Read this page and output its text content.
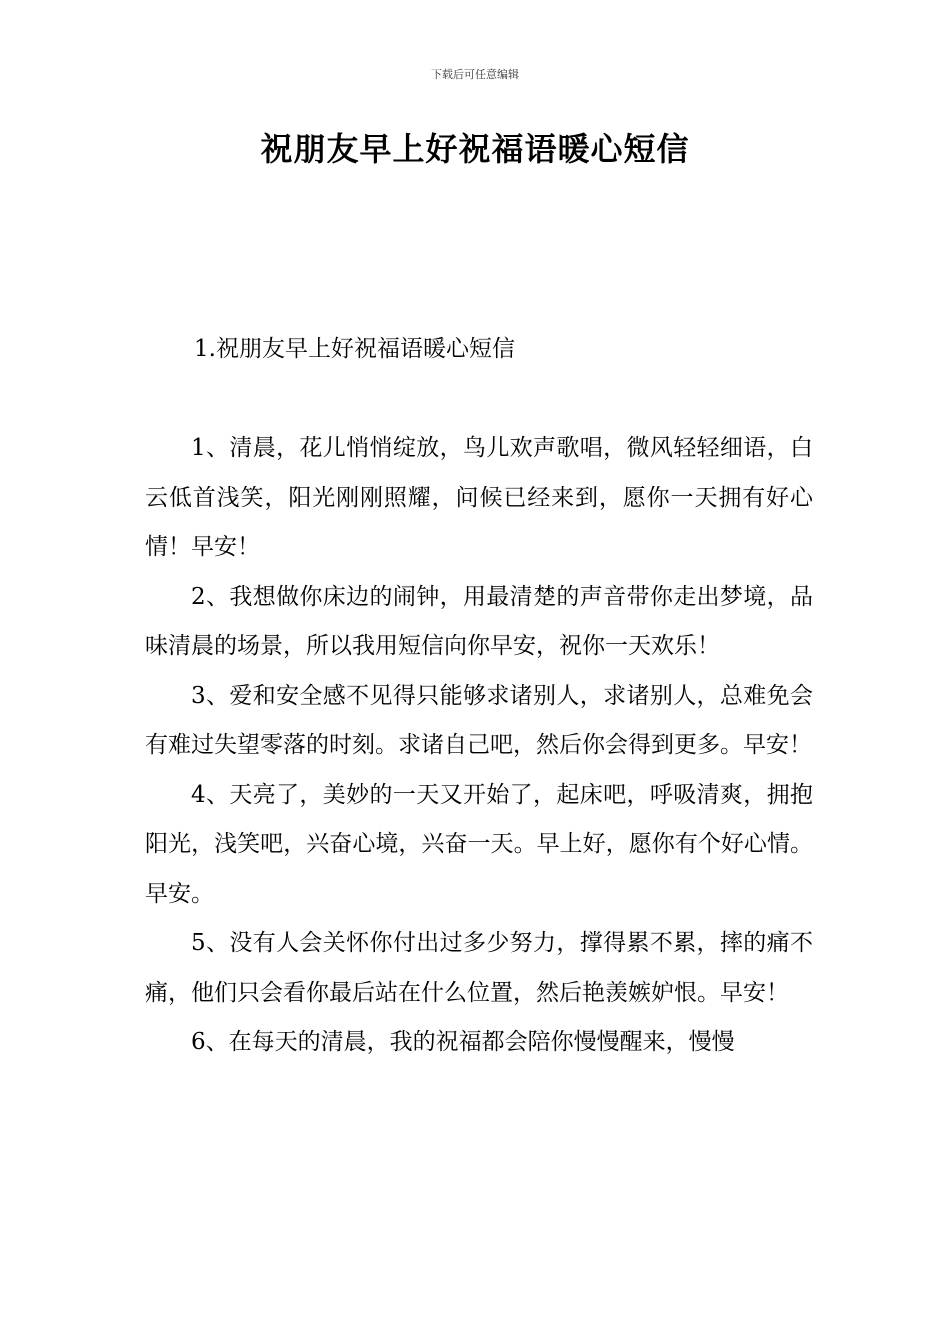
下载后可任意编辑
祝朋友早上好祝福语暖心短信
1.祝朋友早上好祝福语暖心短信

1、清晨，花儿悄悄绽放，鸟儿欢声歌唱，微风轻轻细语，白云低首浅笑，阳光刚刚照耀，问候已经来到，愿你一天拥有好心情！早安！

2、我想做你床边的闹钟，用最清楚的声音带你走出梦境，品味清晨的场景，所以我用短信向你早安，祝你一天欢乐！

3、爱和安全感不见得只能够求诸别人，求诸别人，总难免会有难过失望零落的时刻。求诸自己吧，然后你会得到更多。早安！

4、天亮了，美妙的一天又开始了，起床吧，呼吸清爽，拥抱阳光，浅笑吧，兴奋心境，兴奋一天。早上好，愿你有个好心情。早安。

5、没有人会关怀你付出过多少努力，撑得累不累，摔的痛不痛，他们只会看你最后站在什么位置，然后艳羡嫉妒恨。早安！

6、在每天的清晨，我的祝福都会陪你慢慢醒来，慢慢
